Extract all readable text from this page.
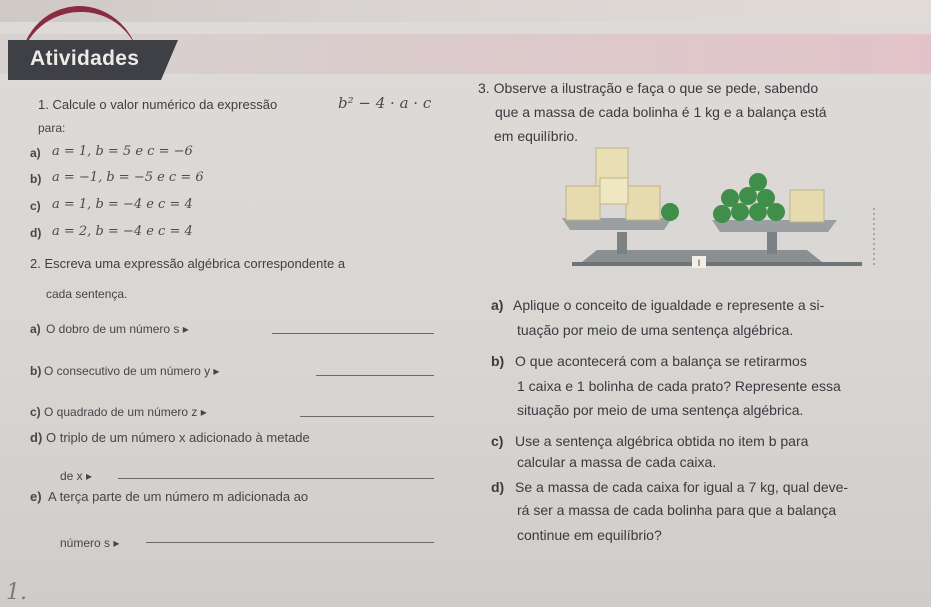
Atividades
1. Calcule o valor numérico da expressão	b² − 4 · a · c
para:
a) a = 1, b = 5 e c = −6
b) a = −1, b = −5 e c = 6
c) a = 1, b = −4 e c = 4
d) a = 2, b = −4 e c = 4
2. Escreva uma expressão algébrica correspondente a
cada sentença.
a) O dobro de um número s ▸
b) O consecutivo de um número y ▸
c) O quadrado de um número z ▸
d) O triplo de um número x adicionado à metade
de x ▸
e) A terça parte de um número m adicionada ao
número s ▸
3. Observe a ilustração e faça o que se pede, sabendo
que a massa de cada bolinha é 1 kg e a balança está
em equilíbrio.
I
a) Aplique o conceito de igualdade e represente a si-
tuação por meio de uma sentença algébrica.
b) O que acontecerá com a balança se retirarmos
1 caixa e 1 bolinha de cada prato? Represente essa
situação por meio de uma sentença algébrica.
c) Use a sentença algébrica obtida no item b para
calcular a massa de cada caixa.
d) Se a massa de cada caixa for igual a 7 kg, qual deve-
rá ser a massa de cada bolinha para que a balança
continue em equilíbrio?
1.
